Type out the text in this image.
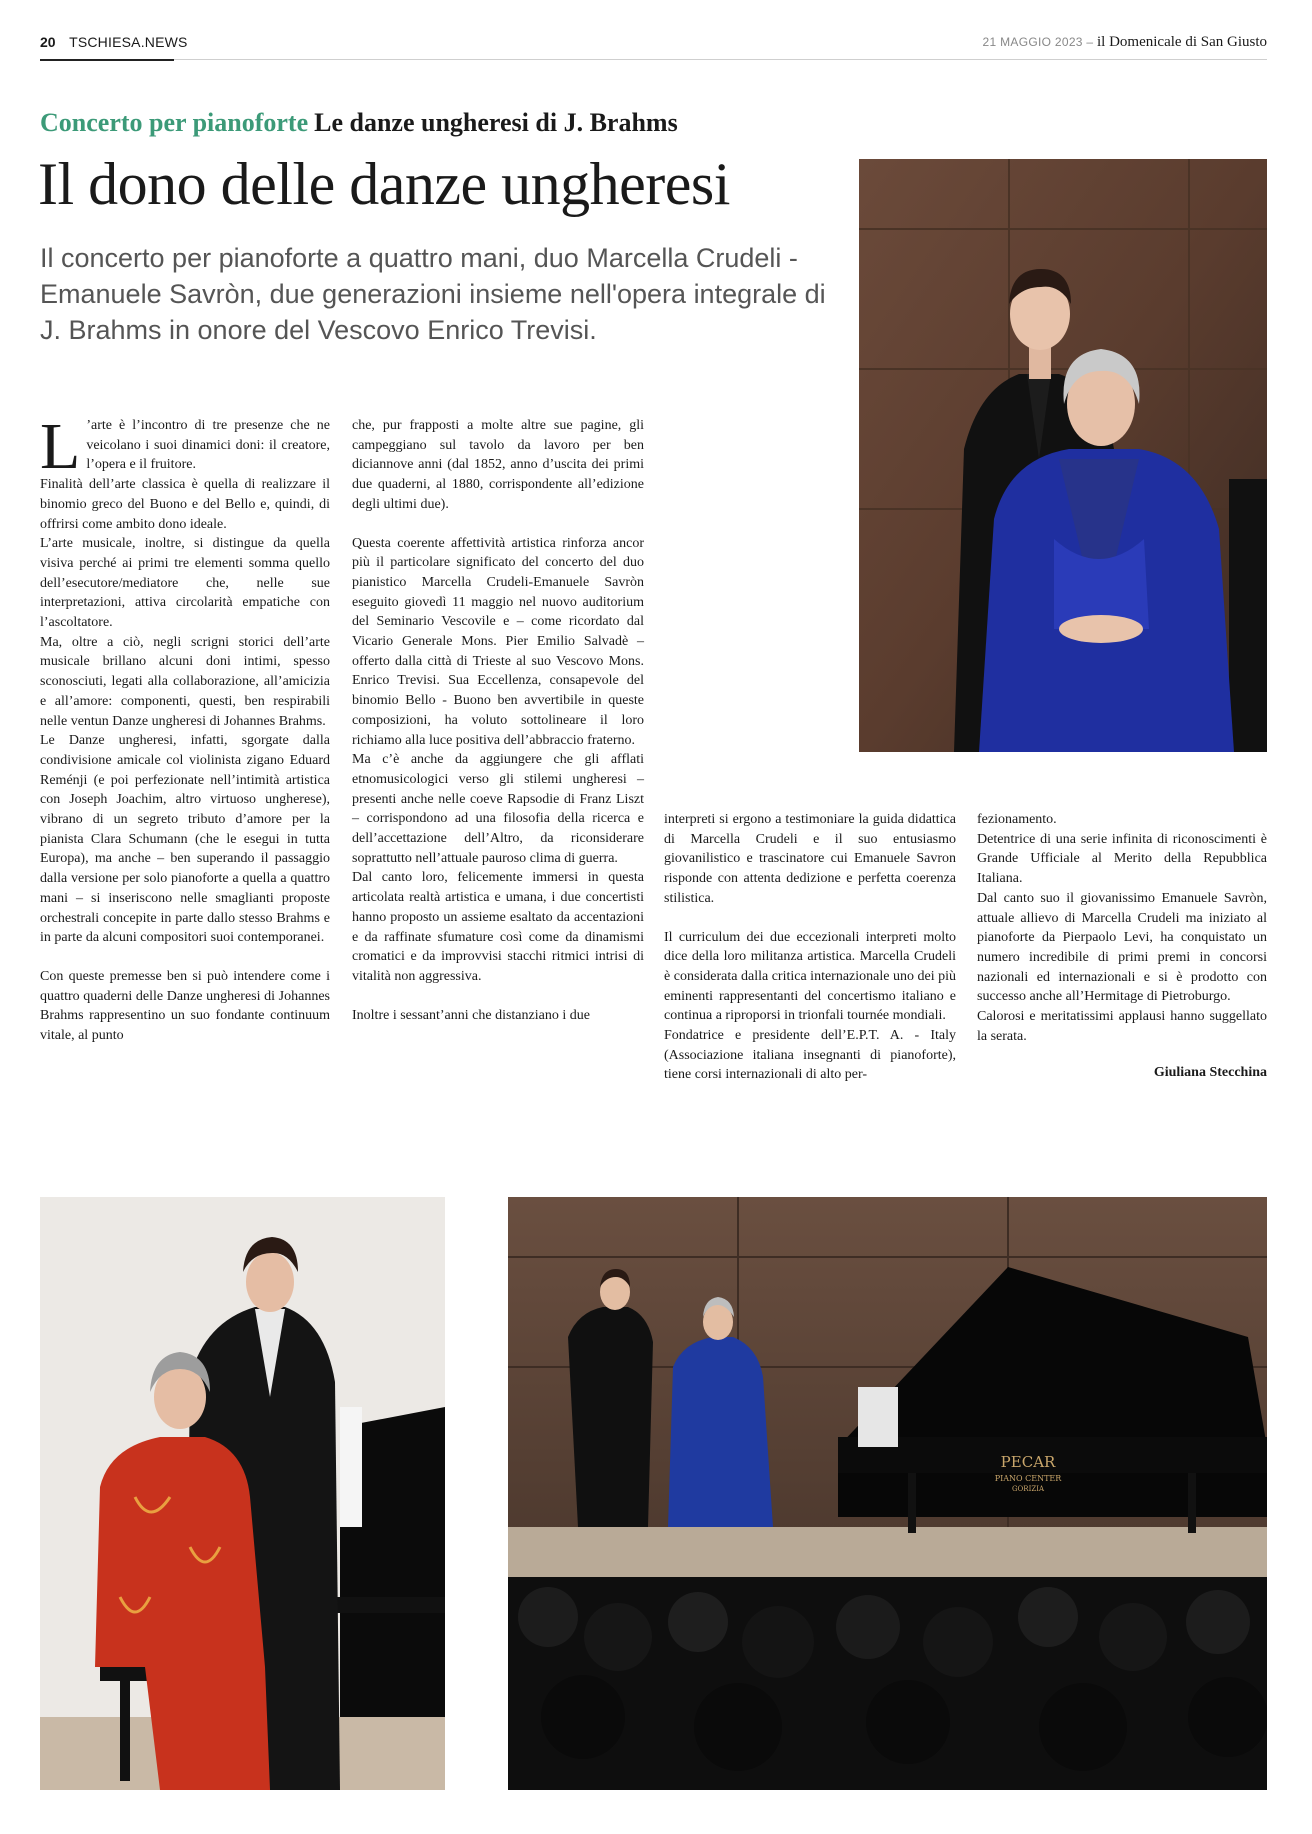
20 TSCHIESA.NEWS	21 MAGGIO 2023 – il Domenicale di San Giusto
Concerto per pianoforte Le danze ungheresi di J. Brahms
Il dono delle danze ungheresi

Il concerto per pianoforte a quattro mani, duo Marcella Crudeli - Emanuele Savròn, due generazioni insieme nell'opera integrale di J. Brahms in onore del Vescovo Enrico Trevisi.

L ’arte è l’incontro di tre presenze che ne veicolano i suoi dinamici doni: il creatore, l’opera e il fruitore.

Finalità dell’arte classica è quella di realizzare il binomio greco del Buono e del Bello e, quindi, di offrirsi come ambito dono ideale.

L’arte musicale, inoltre, si distingue da quella visiva perché ai primi tre elementi somma quello dell’esecutore/mediatore che, nelle sue interpretazioni, attiva circolarità empatiche con l’ascoltatore.

Ma, oltre a ciò, negli scrigni storici dell’arte musicale brillano alcuni doni intimi, spesso sconosciuti, legati alla collaborazione, all’amicizia e all’amore: componenti, questi, ben respirabili nelle ventun Danze ungheresi di Johannes Brahms.

Le Danze ungheresi, infatti, sgorgate dalla condivisione amicale col violinista zigano Eduard Reménji (e poi perfezionate nell’intimità artistica con Joseph Joachim, altro virtuoso ungherese), vibrano di un segreto tributo d’amore per la pianista Clara Schumann (che le esegui in tutta Europa), ma anche – ben superando il passaggio dalla versione per solo pianoforte a quella a quattro mani – si inseriscono nelle smaglianti proposte orchestrali concepite in parte dallo stesso Brahms e in parte da alcuni compositori suoi contemporanei.

Con queste premesse ben si può intendere come i quattro quaderni delle Danze ungheresi di Johannes Brahms rappresentino un suo fondante continuum vitale, al punto

che, pur frapposti a molte altre sue pagine, gli campeggiano sul tavolo da lavoro per ben diciannove anni (dal 1852, anno d’uscita dei primi due quaderni, al 1880, corrispondente all’edizione degli ultimi due).

Questa coerente affettività artistica rinforza ancor più il particolare significato del concerto del duo pianistico Marcella Crudeli-Emanuele Savròn eseguito giovedì 11 maggio nel nuovo auditorium del Seminario Vescovile e – come ricordato dal Vicario Generale Mons. Pier Emilio Salvadè – offerto dalla città di Trieste al suo Vescovo Mons. Enrico Trevisi. Sua Eccellenza, consapevole del binomio Bello - Buono ben avvertibile in queste composizioni, ha voluto sottolineare il loro richiamo alla luce positiva dell’abbraccio fraterno.

Ma c’è anche da aggiungere che gli afflati etnomusicologici verso gli stilemi ungheresi – presenti anche nelle coeve Rapsodie di Franz Liszt – corrispondono ad una filosofia della ricerca e dell’accettazione dell’Altro, da riconsiderare soprattutto nell’attuale pauroso clima di guerra.

Dal canto loro, felicemente immersi in questa articolata realtà artistica e umana, i due concertisti hanno proposto un assieme esaltato da accentazioni e da raffinate sfumature così come da dinamismi cromatici e da improvvisi stacchi ritmici intrisi di vitalità non aggressiva.

Inoltre i sessant’anni che distanziano i due

interpreti si ergono a testimoniare la guida didattica di Marcella Crudeli e il suo entusiasmo giovanilistico e trascinatore cui Emanuele Savron risponde con attenta dedizione e perfetta coerenza stilistica.

Il curriculum dei due eccezionali interpreti molto dice della loro militanza artistica. Marcella Crudeli è considerata dalla critica internazionale uno dei più eminenti rappresentanti del concertismo italiano e continua a riproporsi in trionfali tournée mondiali.

Fondatrice e presidente dell’E.P.T. A. - Italy (Associazione italiana insegnanti di pianoforte), tiene corsi internazionali di alto per-

fezionamento.

Detentrice di una serie infinita di riconoscimenti è Grande Ufficiale al Merito della Repubblica Italiana.

Dal canto suo il giovanissimo Emanuele Savròn, attuale allievo di Marcella Crudeli ma iniziato al pianoforte da Pierpaolo Levi, ha conquistato un numero incredibile di primi premi in concorsi nazionali ed internazionali e si è prodotto con successo anche all’Hermitage di Pietroburgo.

Calorosi e meritatissimi applausi hanno suggellato la serata.

Giuliana Stecchina

PECAR
PIANO CENTER
GORIZIA
